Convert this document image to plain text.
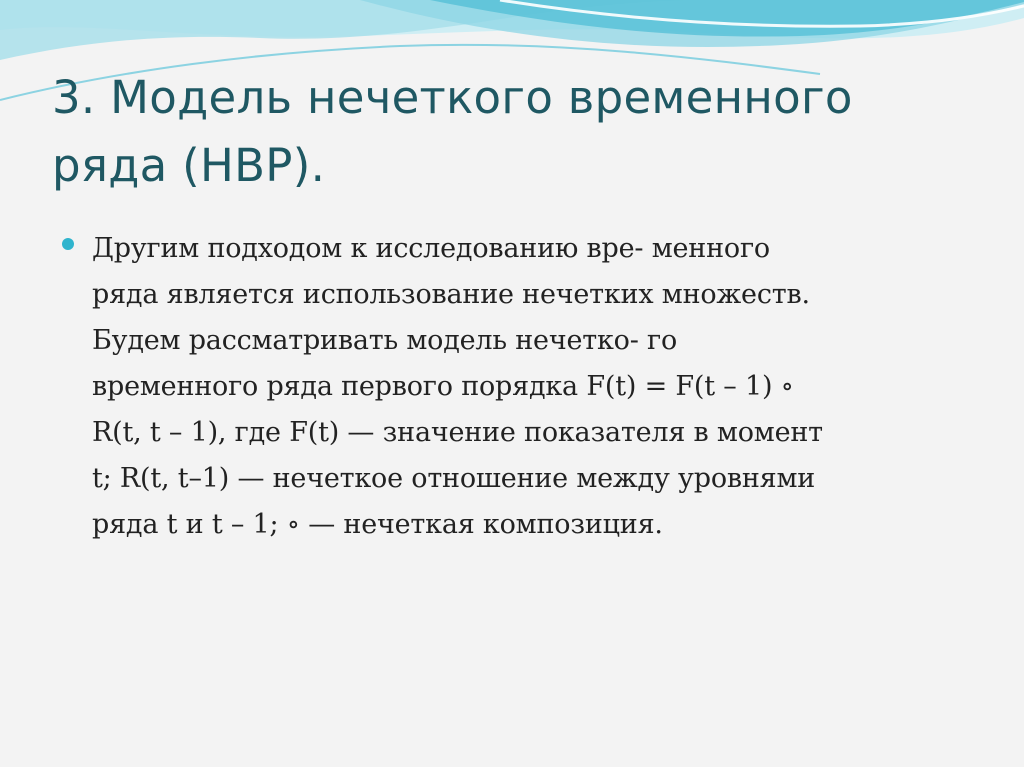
3. Модель нечеткого временного
ряда (НВР).
Другим подходом к исследованию вре- менного
ряда является использование нечетких множеств.
Будем рассматривать модель нечетко- го
временного ряда первого порядка F(t) = F(t – 1) ∘
R(t, t – 1), где F(t) — значение показателя в момент
t; R(t, t–1) — нечеткое отношение между уровнями
ряда t и t – 1; ∘ — нечеткая композиция.
